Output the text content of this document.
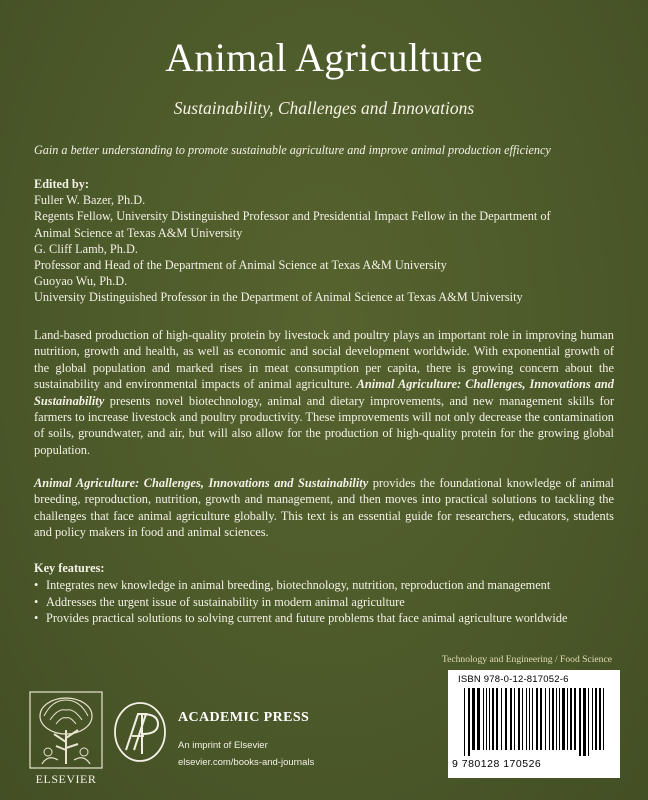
Animal Agriculture
Sustainability, Challenges and Innovations
Gain a better understanding to promote sustainable agriculture and improve animal production efficiency
Edited by:
Fuller W. Bazer, Ph.D.
Regents Fellow, University Distinguished Professor and Presidential Impact Fellow in the Department of
Animal Science at Texas A&M University
G. Cliff Lamb, Ph.D.
Professor and Head of the Department of Animal Science at Texas A&M University
Guoyao Wu, Ph.D.
University Distinguished Professor in the Department of Animal Science at Texas A&M University
Land-based production of high-quality protein by livestock and poultry plays an important role in improving human nutrition, growth and health, as well as economic and social development worldwide. With exponential growth of the global population and marked rises in meat consumption per capita, there is growing concern about the sustainability and environmental impacts of animal agriculture. Animal Agriculture: Challenges, Innovations and Sustainability presents novel biotechnology, animal and dietary improvements, and new management skills for farmers to increase livestock and poultry productivity. These improvements will not only decrease the contamination of soils, groundwater, and air, but will also allow for the production of high-quality protein for the growing global population.
Animal Agriculture: Challenges, Innovations and Sustainability provides the foundational knowledge of animal breeding, reproduction, nutrition, growth and management, and then moves into practical solutions to tackling the challenges that face animal agriculture globally. This text is an essential guide for researchers, educators, students and policy makers in food and animal sciences.
Key features:
• Integrates new knowledge in animal breeding, biotechnology, nutrition, reproduction and management
• Addresses the urgent issue of sustainability in modern animal agriculture
• Provides practical solutions to solving current and future problems that face animal agriculture worldwide
Technology and Engineering / Food Science
ELSEVIER
ACADEMIC PRESS
An imprint of Elsevier
elsevier.com/books-and-journals
ISBN 978-0-12-817052-6
9 780128 170526
